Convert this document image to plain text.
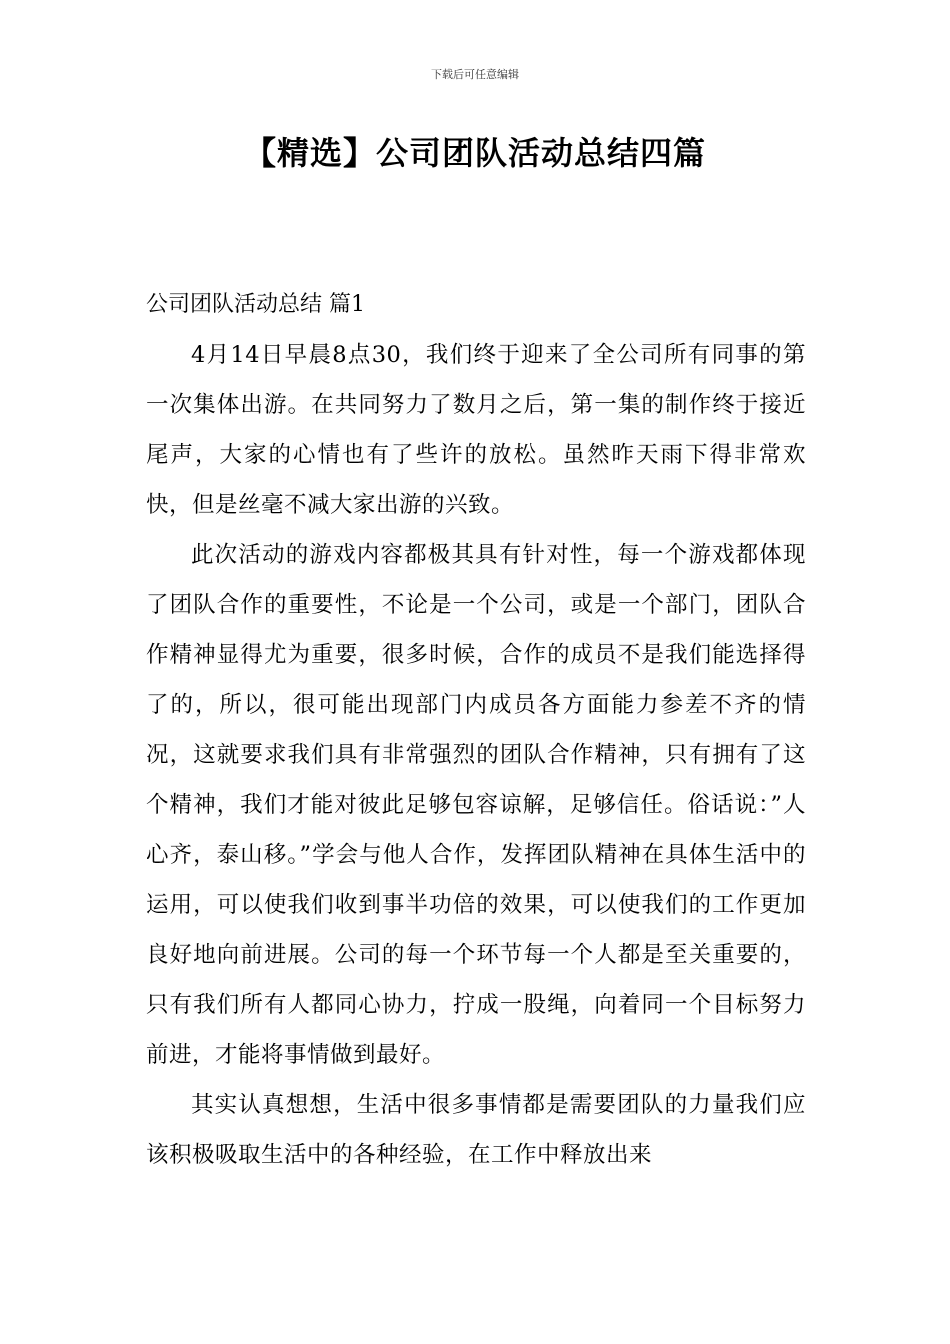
下载后可任意编辑
【精选】公司团队活动总结四篇

公司团队活动总结 篇1

4月14日早晨8点30，我们终于迎来了全公司所有同事的第一次集体出游。在共同努力了数月之后，第一集的制作终于接近尾声，大家的心情也有了些许的放松。虽然昨天雨下得非常欢快，但是丝毫不减大家出游的兴致。

此次活动的游戏内容都极其具有针对性，每一个游戏都体现了团队合作的重要性，不论是一个公司，或是一个部门，团队合作精神显得尤为重要，很多时候，合作的成员不是我们能选择得了的，所以，很可能出现部门内成员各方面能力参差不齐的情况，这就要求我们具有非常强烈的团队合作精神，只有拥有了这个精神，我们才能对彼此足够包容谅解，足够信任。俗话说：”人心齐，泰山移。”学会与他人合作，发挥团队精神在具体生活中的运用，可以使我们收到事半功倍的效果，可以使我们的工作更加良好地向前进展。公司的每一个环节每一个人都是至关重要的，只有我们所有人都同心协力，拧成一股绳，向着同一个目标努力前进，才能将事情做到最好。

其实认真想想，生活中很多事情都是需要团队的力量我们应该积极吸取生活中的各种经验，在工作中释放出来
